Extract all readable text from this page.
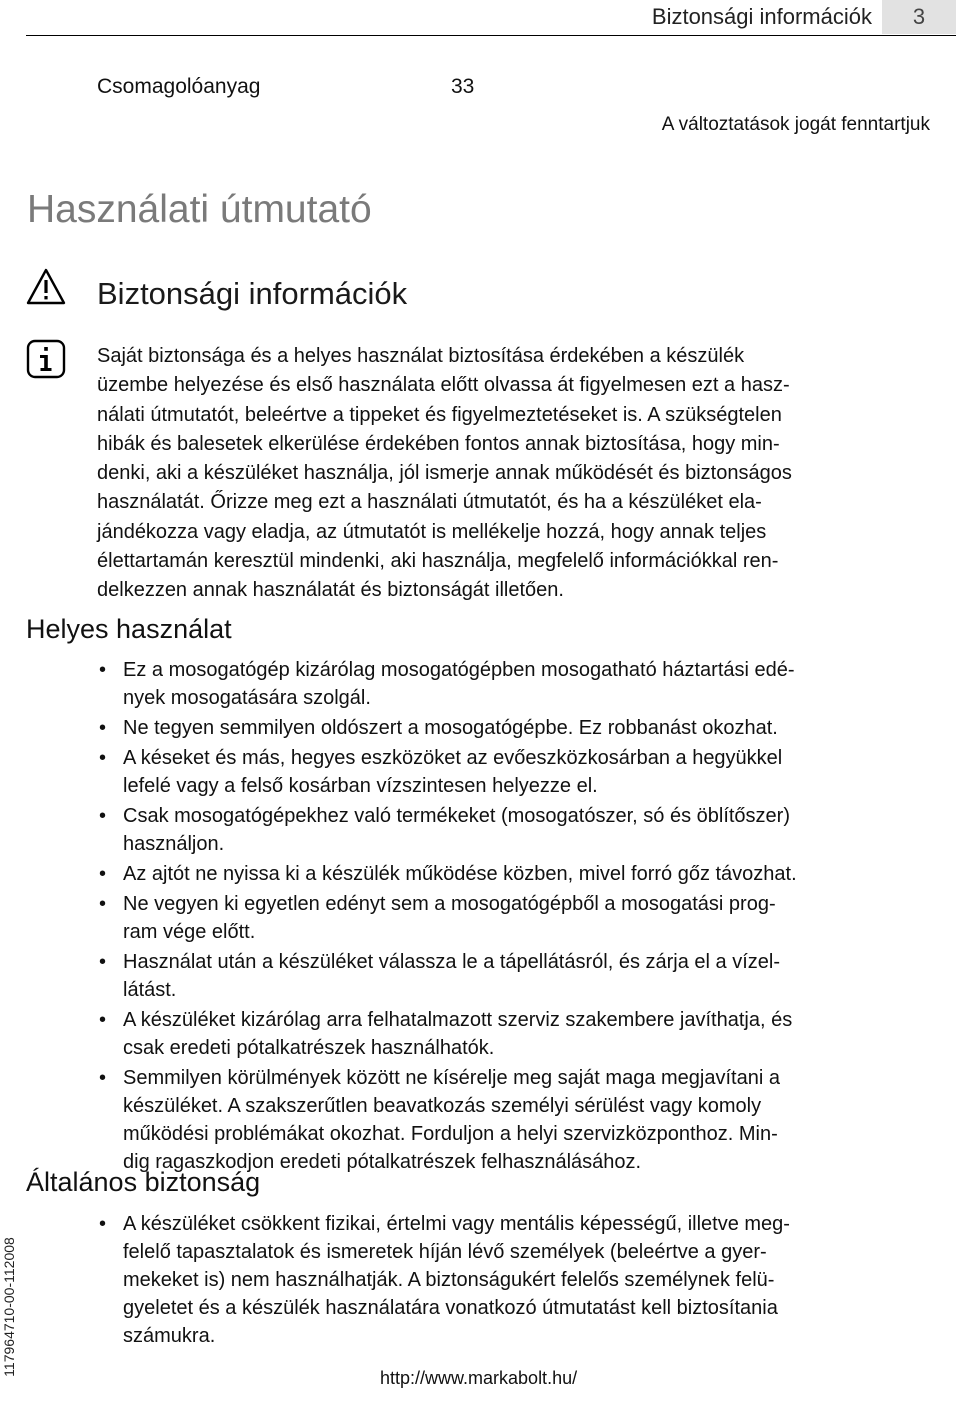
Biztonsági információk	3
Csomagolóanyag	33
A változtatások jogát fenntartjuk
Használati útmutató
Biztonsági információk
Saját biztonsága és a helyes használat biztosítása érdekében a készülék
üzembe helyezése és első használata előtt olvassa át figyelmesen ezt a hasz-
nálati útmutatót, beleértve a tippeket és figyelmeztetéseket is. A szükségtelen
hibák és balesetek elkerülése érdekében fontos annak biztosítása, hogy min-
denki, aki a készüléket használja, jól ismerje annak működését és biztonságos
használatát. Őrizze meg ezt a használati útmutatót, és ha a készüléket ela-
jándékozza vagy eladja, az útmutatót is mellékelje hozzá, hogy annak teljes
élettartamán keresztül mindenki, aki használja, megfelelő információkkal ren-
delkezzen annak használatát és biztonságát illetően.
Helyes használat
• Ez a mosogatógép kizárólag mosogatógépben mosogatható háztartási edé-
nyek mosogatására szolgál.
• Ne tegyen semmilyen oldószert a mosogatógépbe. Ez robbanást okozhat.
• A késeket és más, hegyes eszközöket az evőeszközkosárban a hegyükkel
lefelé vagy a felső kosárban vízszintesen helyezze el.
• Csak mosogatógépekhez való termékeket (mosogatószer, só és öblítőszer)
használjon.
• Az ajtót ne nyissa ki a készülék működése közben, mivel forró gőz távozhat.
• Ne vegyen ki egyetlen edényt sem a mosogatógépből a mosogatási prog-
ram vége előtt.
• Használat után a készüléket válassza le a tápellátásról, és zárja el a vízel-
látást.
• A készüléket kizárólag arra felhatalmazott szerviz szakembere javíthatja, és
csak eredeti pótalkatrészek használhatók.
• Semmilyen körülmények között ne kísérelje meg saját maga megjavítani a
készüléket. A szakszerűtlen beavatkozás személyi sérülést vagy komoly
működési problémákat okozhat. Forduljon a helyi szervizközponthoz. Min-
dig ragaszkodjon eredeti pótalkatrészek felhasználásához.
Általános biztonság
• A készüléket csökkent fizikai, értelmi vagy mentális képességű, illetve meg-
felelő tapasztalatok és ismeretek híján lévő személyek (beleértve a gyer-
mekeket is) nem használhatják. A biztonságukért felelős személynek felü-
gyeletet és a készülék használatára vonatkozó útmutatást kell biztosítania
számukra.
117964710-00-112008
http://www.markabolt.hu/
